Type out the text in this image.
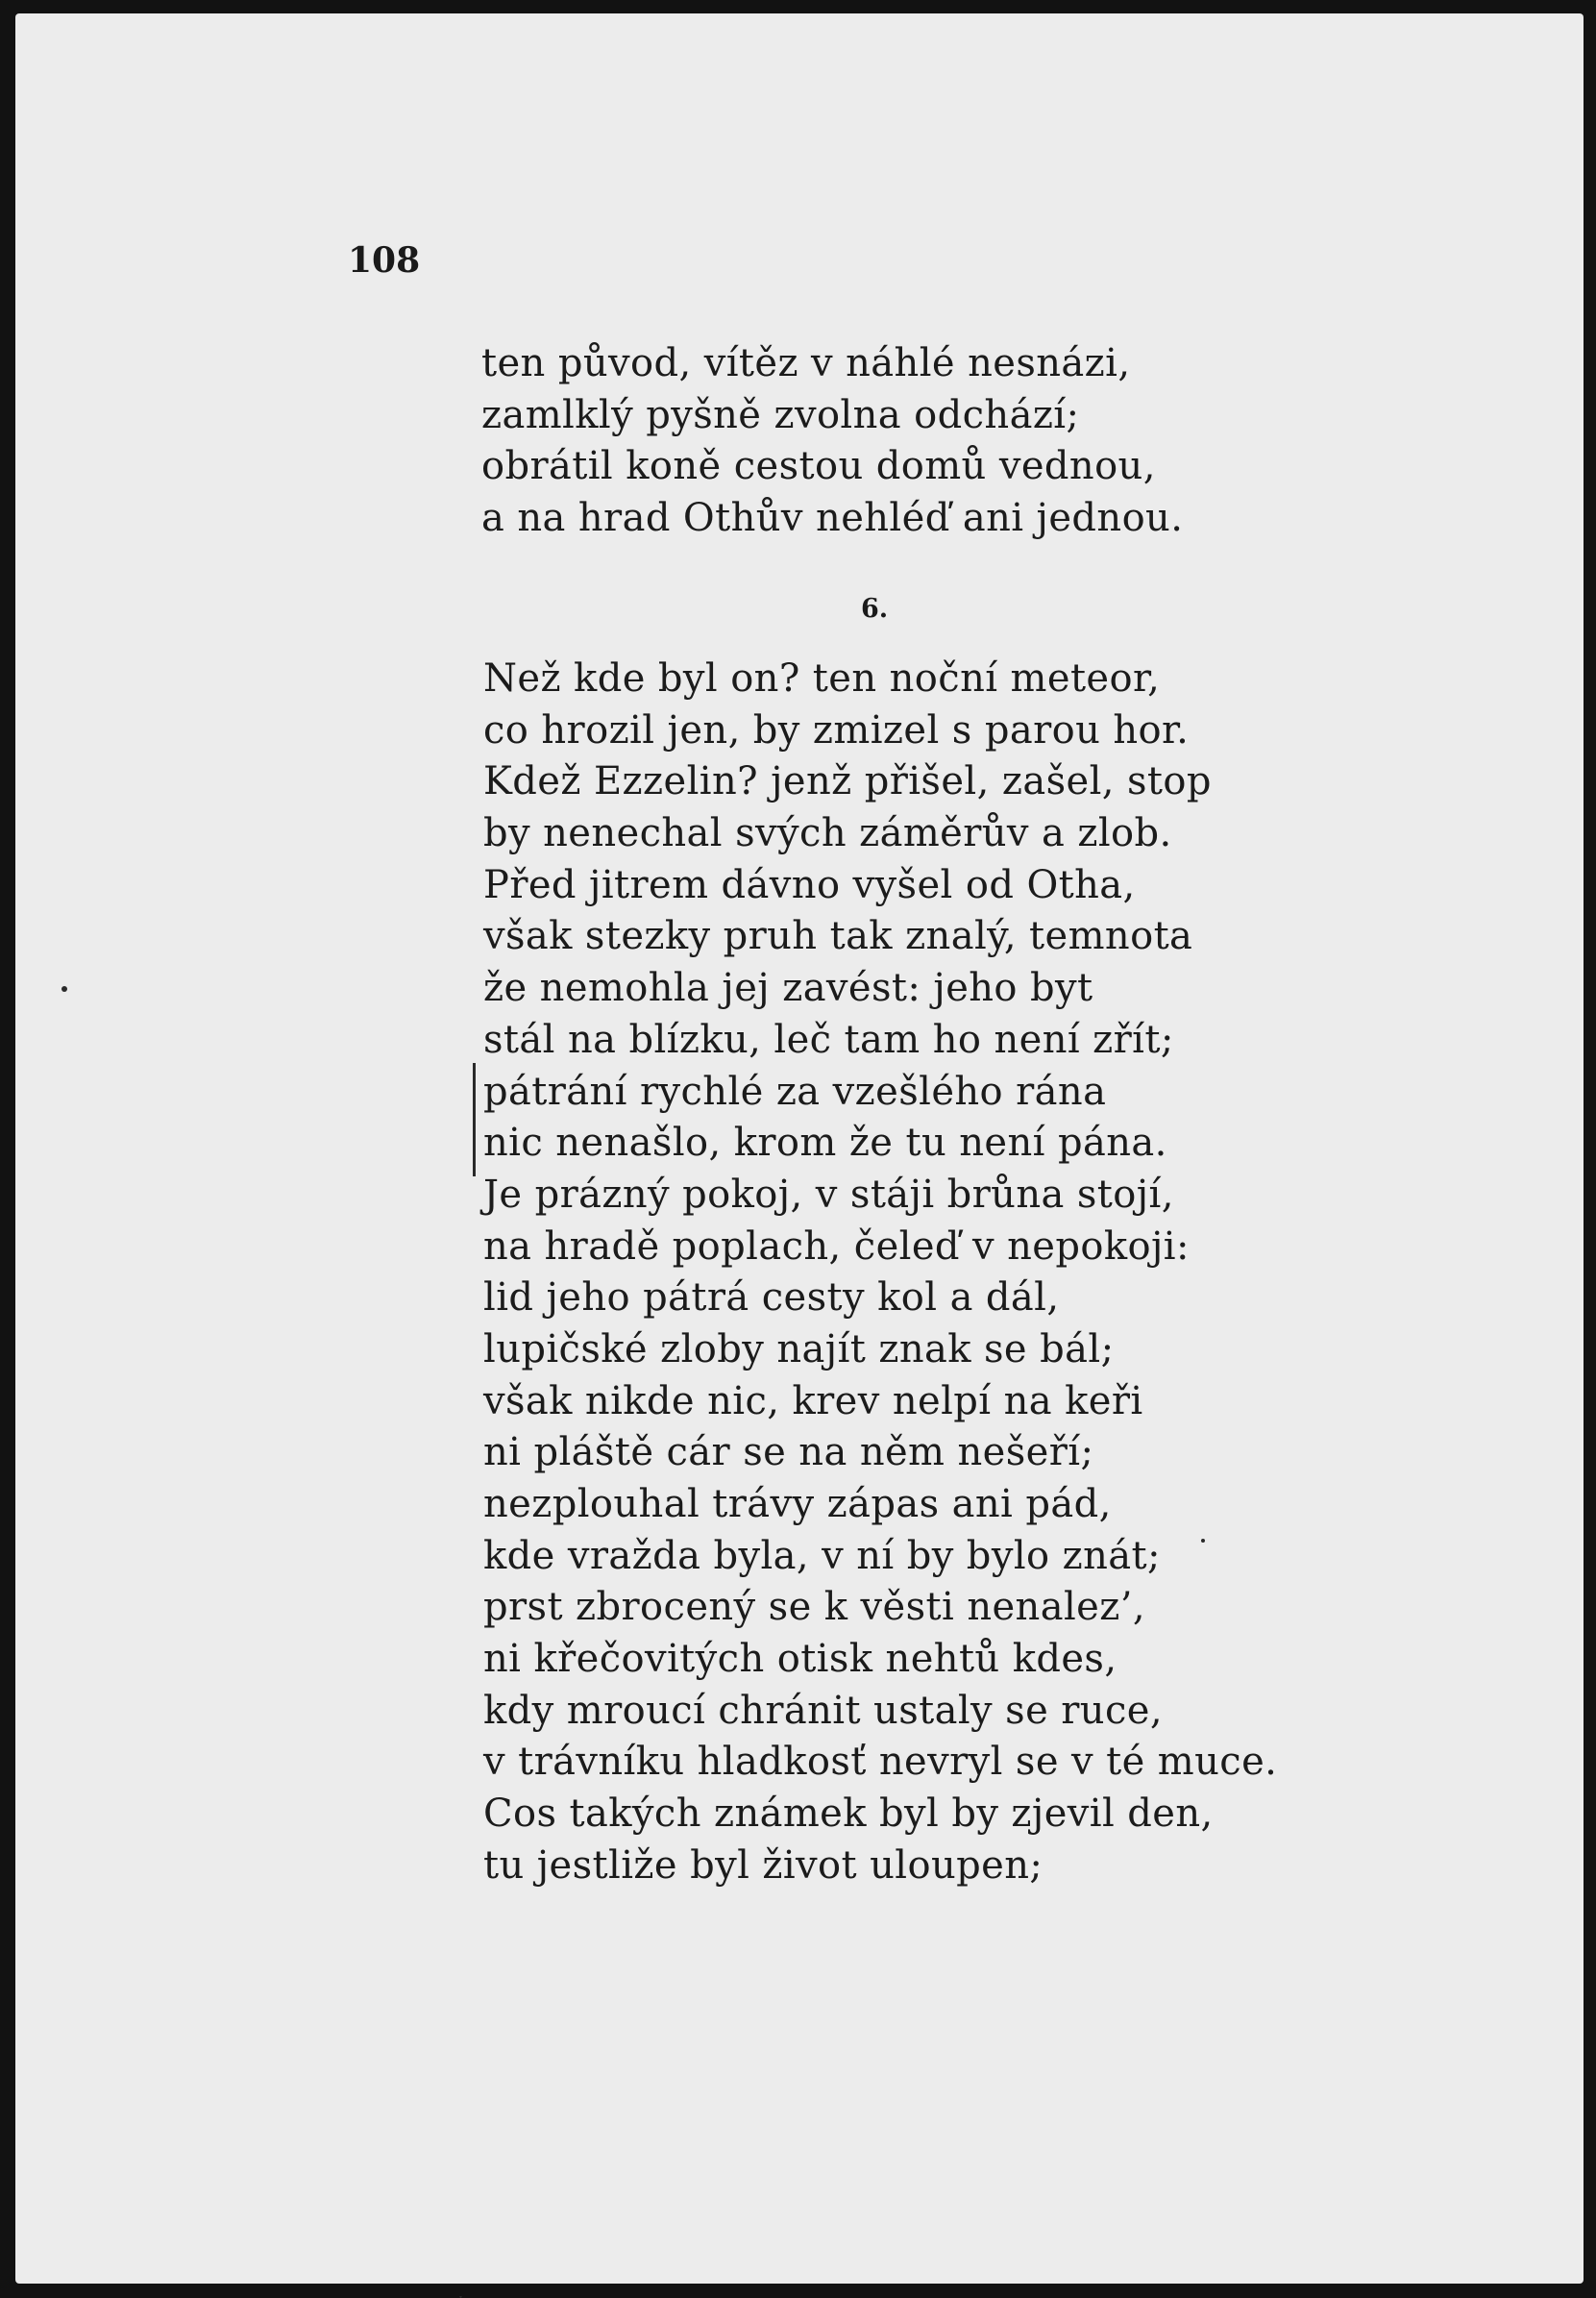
108
ten původ, vítěz v náhlé nesnázi,
zamlklý pyšně zvolna odchází;
obrátil koně cestou domů vednou,
a na hrad Othův nehléď ani jednou.
6.
Než kde byl on? ten noční meteor,
co hrozil jen, by zmizel s parou hor.
Kdež Ezzelin? jenž přišel, zašel, stop
by nenechal svých záměrův a zlob.
Před jitrem dávno vyšel od Otha,
však stezky pruh tak znalý, temnota
že nemohla jej zavést: jeho byt
stál na blízku, leč tam ho není zřít;
pátrání rychlé za vzešlého rána
nic nenašlo, krom že tu není pána.
Je prázný pokoj, v stáji brůna stojí,
na hradě poplach, čeleď v nepokoji:
lid jeho pátrá cesty kol a dál,
lupičské zloby najít znak se bál;
však nikde nic, krev nelpí na keři
ni pláště cár se na něm nešeří;
nezplouhal trávy zápas ani pád,
kde vražda byla, v ní by bylo znát;
prst zbrocený se k věsti nenalez’,
ni křečovitých otisk nehtů kdes,
kdy mroucí chránit ustaly se ruce,
v trávníku hladkosť nevryl se v té muce.
Cos takých známek byl by zjevil den,
tu jestliže byl život uloupen;
